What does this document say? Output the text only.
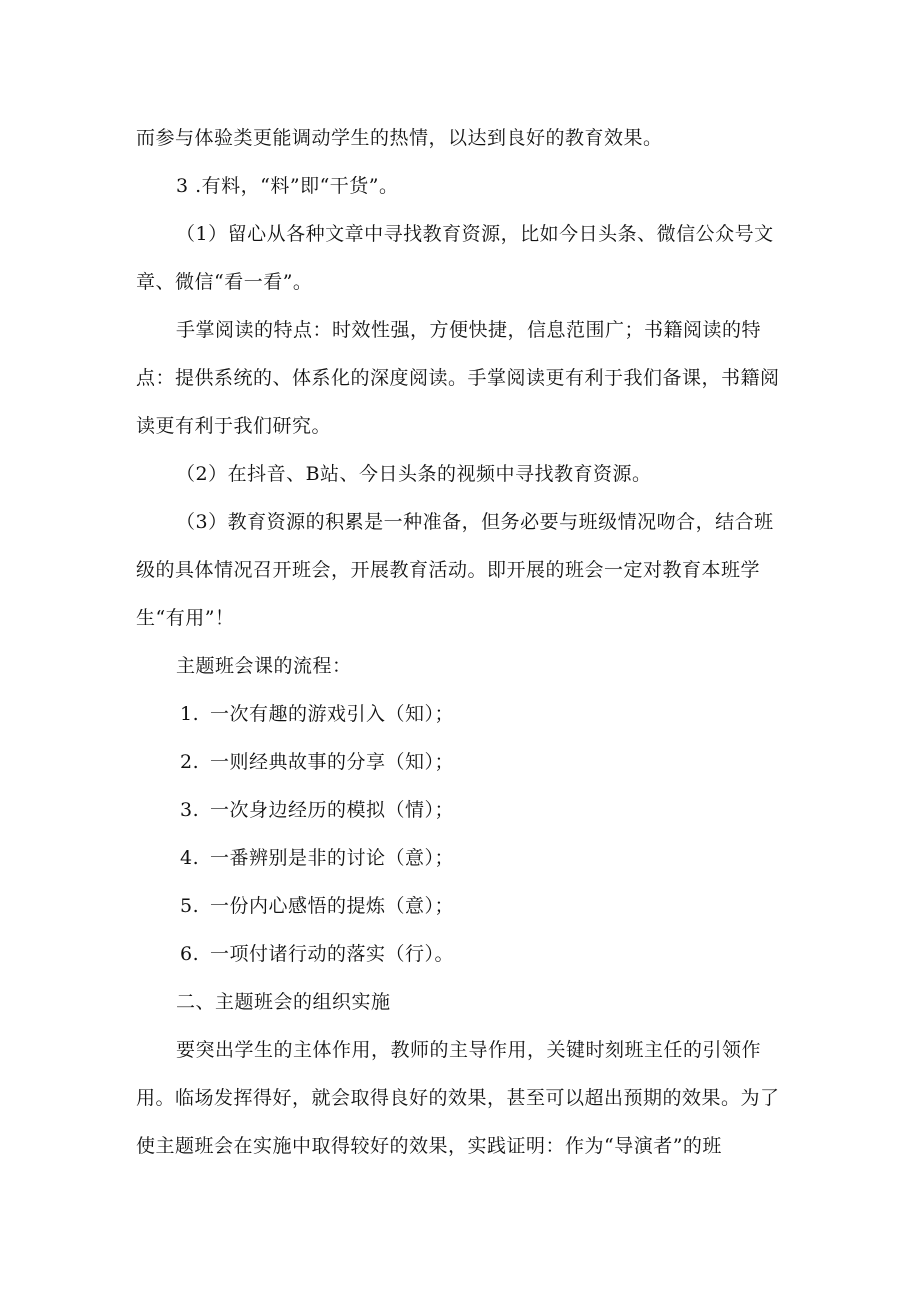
而参与体验类更能调动学生的热情，以达到良好的教育效果。

3 .有料，“料”即“干货”。

（1）留心从各种文章中寻找教育资源，比如今日头条、微信公众号文章、微信“看一看”。

手掌阅读的特点：时效性强，方便快捷，信息范围广；书籍阅读的特点：提供系统的、体系化的深度阅读。手掌阅读更有利于我们备课，书籍阅读更有利于我们研究。

（2）在抖音、B站、今日头条的视频中寻找教育资源。

（3）教育资源的积累是一种准备，但务必要与班级情况吻合，结合班级的具体情况召开班会，开展教育活动。即开展的班会一定对教育本班学生“有用”！

主题班会课的流程：

1. 一次有趣的游戏引入（知）；

2. 一则经典故事的分享（知）；

3. 一次身边经历的模拟（情）；

4. 一番辨别是非的讨论（意）；

5. 一份内心感悟的提炼（意）；

6. 一项付诸行动的落实（行）。

二、主题班会的组织实施

要突出学生的主体作用，教师的主导作用，关键时刻班主任的引领作用。临场发挥得好，就会取得良好的效果，甚至可以超出预期的效果。为了使主题班会在实施中取得较好的效果，实践证明：作为“导演者”的班
